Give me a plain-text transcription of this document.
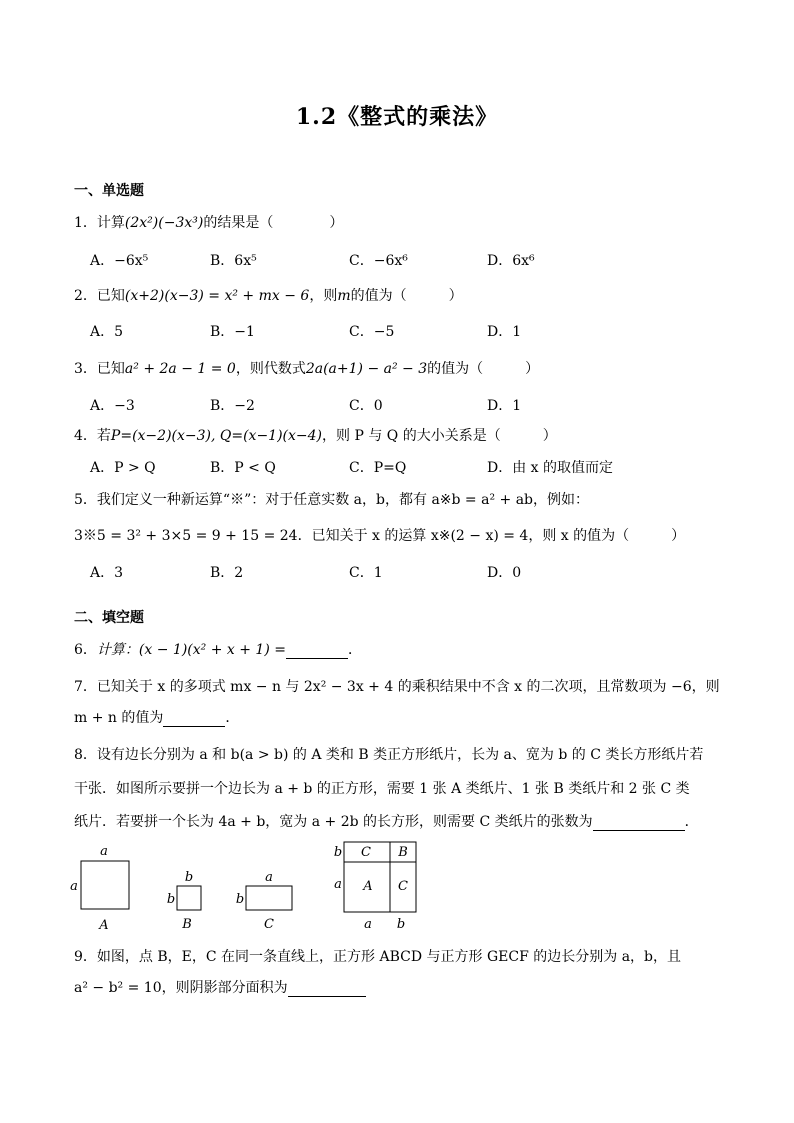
1.2《整式的乘法》
一、单选题
1．计算(2x²)(−3x³)的结果是（　　　　）
A．−6x⁵	B．6x⁵	C．−6x⁶	D．6x⁶
2．已知(x+2)(x−3) = x² + mx − 6，则m的值为（　　　）
A．5	B．−1	C．−5	D．1
3．已知a² + 2a − 1 = 0，则代数式2a(a+1) − a² − 3的值为（　　　）
A．−3	B．−2	C．0	D．1
4．若P=(x−2)(x−3), Q=(x−1)(x−4)，则 P 与 Q 的大小关系是（　　　）
A．P > Q	B．P < Q	C．P=Q	D．由 x 的取值而定
5．我们定义一种新运算“※”：对于任意实数 a，b，都有 a※b = a² + ab，例如：
3※5 = 3² + 3×5 = 9 + 15 = 24．已知关于 x 的运算 x※(2 − x) = 4，则 x 的值为（　　　）
A．3	B．2	C．1	D．0
二、填空题
6．计算：(x − 1)(x² + x + 1) =	．
7．已知关于 x 的多项式 mx − n 与 2x² − 3x + 4 的乘积结果中不含 x 的二次项，且常数项为 −6，则
m + n 的值为	．
8．设有边长分别为 a 和 b(a > b) 的 A 类和 B 类正方形纸片，长为 a、宽为 b 的 C 类长方形纸片若
干张．如图所示要拼一个边长为 a + b 的正方形，需要 1 张 A 类纸片、1 张 B 类纸片和 2 张 C 类
纸片．若要拼一个长为 4a + b，宽为 a + 2b 的长方形，则需要 C 类纸片的张数为	．
a
a
A
b
b
B
a
b
C
C B
A C
b
a
a b
9．如图，点 B，E，C 在同一条直线上，正方形 ABCD 与正方形 GECF 的边长分别为 a，b，且
a² − b² = 10，则阴影部分面积为
